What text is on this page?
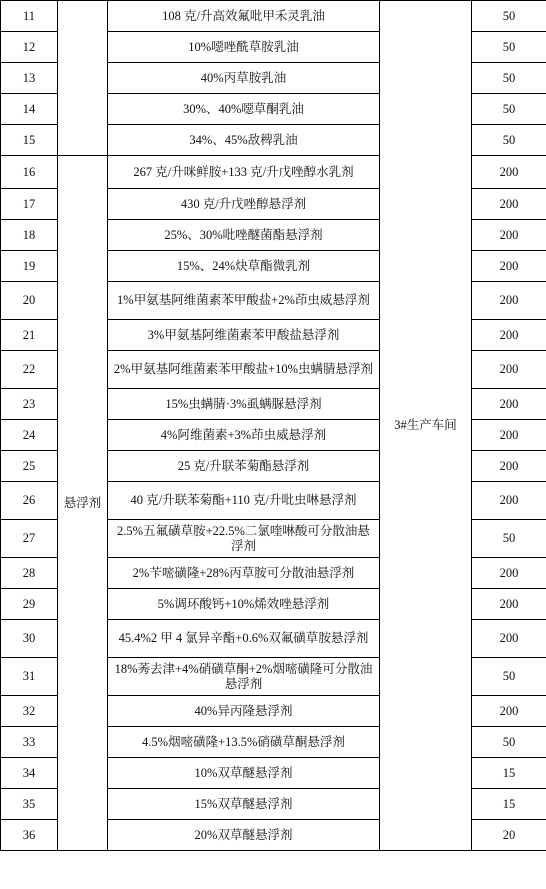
11		108 克/升高效氟吡甲禾灵乳油	3#生产车间	50
12		10%噁唑酰草胺乳油		50
13		40%丙草胺乳油		50
14		30%、40%噁草酮乳油		50
15		34%、45%敌稗乳油		50
16	悬浮剂	267 克/升咪鲜胺+133 克/升戊唑醇水乳剂		200
17		430 克/升戊唑醇悬浮剂		200
18		25%、30%吡唑醚菌酯悬浮剂		200
19		15%、24%炔草酯微乳剂		200
20		1%甲氨基阿维菌素苯甲酸盐+2%茚虫威悬浮剂		200
21		3%甲氨基阿维菌素苯甲酸盐悬浮剂		200
22		2%甲氨基阿维菌素苯甲酸盐+10%虫螨腈悬浮剂		200
23		15%虫螨腈·3%虱螨脲悬浮剂		200
24		4%阿维菌素+3%茚虫威悬浮剂		200
25		25 克/升联苯菊酯悬浮剂		200
26		40 克/升联苯菊酯+110 克/升吡虫啉悬浮剂		200
27		2.5%五氟磺草胺+22.5%二氯喹啉酸可分散油悬浮剂		50
28		2%苄嘧磺隆+28%丙草胺可分散油悬浮剂		200
29		5%调环酸钙+10%烯效唑悬浮剂		200
30		45.4%2 甲 4 氯异辛酯+0.6%双氟磺草胺悬浮剂		200
31		18%莠去津+4%硝磺草酮+2%烟嘧磺隆可分散油悬浮剂		50
32		40%异丙隆悬浮剂		200
33		4.5%烟嘧磺隆+13.5%硝磺草酮悬浮剂		50
34		10%双草醚悬浮剂		15
35		15%双草醚悬浮剂		15
36		20%双草醚悬浮剂		20
